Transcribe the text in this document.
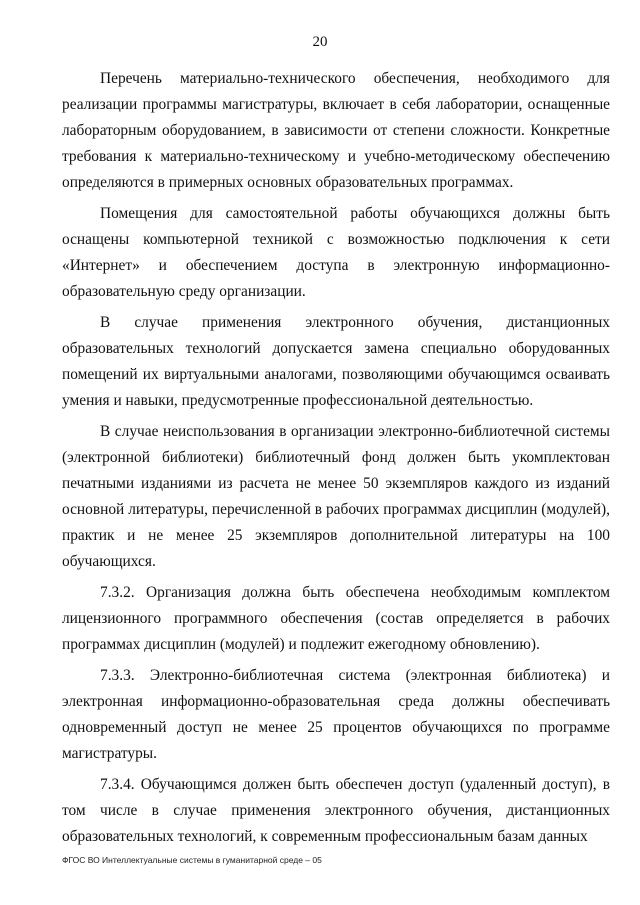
20

Перечень материально-технического обеспечения, необходимого для реализации программы магистратуры, включает в себя лаборатории, оснащенные лабораторным оборудованием, в зависимости от степени сложности. Конкретные требования к материально-техническому и учебно-методическому обеспечению определяются в примерных основных образовательных программах.

Помещения для самостоятельной работы обучающихся должны быть оснащены компьютерной техникой с возможностью подключения к сети «Интернет» и обеспечением доступа в электронную информационно-образовательную среду организации.

В случае применения электронного обучения, дистанционных образовательных технологий допускается замена специально оборудованных помещений их виртуальными аналогами, позволяющими обучающимся осваивать умения и навыки, предусмотренные профессиональной деятельностью.

В случае неиспользования в организации электронно-библиотечной системы (электронной библиотеки) библиотечный фонд должен быть укомплектован печатными изданиями из расчета не менее 50 экземпляров каждого из изданий основной литературы, перечисленной в рабочих программах дисциплин (модулей), практик и не менее 25 экземпляров дополнительной литературы на 100 обучающихся.

7.3.2. Организация должна быть обеспечена необходимым комплектом лицензионного программного обеспечения (состав определяется в рабочих программах дисциплин (модулей) и подлежит ежегодному обновлению).

7.3.3. Электронно-библиотечная система (электронная библиотека) и электронная информационно-образовательная среда должны обеспечивать одновременный доступ не менее 25 процентов обучающихся по программе магистратуры.

7.3.4. Обучающимся должен быть обеспечен доступ (удаленный доступ), в том числе в случае применения электронного обучения, дистанционных образовательных технологий, к современным профессиональным базам данных

ФГОС ВО Интеллектуальные системы в гуманитарной среде – 05
